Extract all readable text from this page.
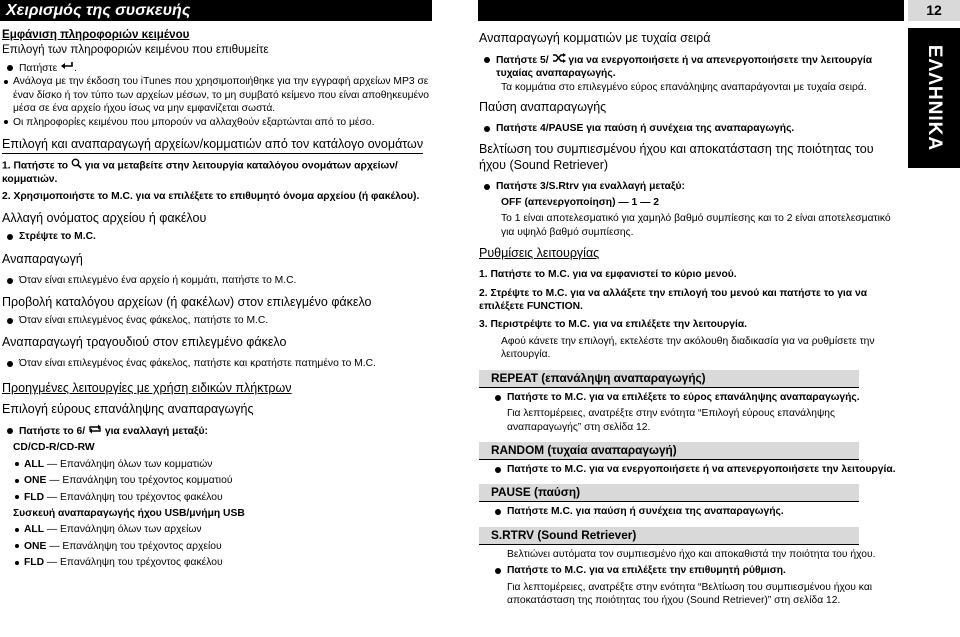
Χειρισμός της συσκευής	12
ΕΛΛΗΝΙΚΑ
Εμφάνιση πληροφοριών κειμένου
Επιλογή των πληροφοριών κειμένου που επιθυμείτε
Πατήστε .
Ανάλογα με την έκδοση του iTunes που χρησιμοποιήθηκε για την εγγραφή αρχείων MP3 σε έναν δίσκο ή τον τύπο των αρχείων μέσων, το μη συμβατό κείμενο που είναι αποθηκευμένο μέσα σε ένα αρχείο ήχου ίσως να μην εμφανίζεται σωστά.
Οι πληροφορίες κειμένου που μπορούν να αλλαχθούν εξαρτώνται από το μέσο.
Επιλογή και αναπαραγωγή αρχείων/κομματιών από τον κατάλογο ονομάτων
1. Πατήστε το για να μεταβείτε στην λειτουργία καταλόγου ονομάτων αρχείων/κομματιών.
2. Χρησιμοποιήστε το M.C. για να επιλέξετε το επιθυμητό όνομα αρχείου (ή φακέλου).
Αλλαγή ονόματος αρχείου ή φακέλου
Στρέψτε το M.C.
Αναπαραγωγή
Όταν είναι επιλεγμένο ένα αρχείο ή κομμάτι, πατήστε το M.C.
Προβολή καταλόγου αρχείων (ή φακέλων) στον επιλεγμένο φάκελο
Όταν είναι επιλεγμένος ένας φάκελος, πατήστε το M.C.
Αναπαραγωγή τραγουδιού στον επιλεγμένο φάκελο
Όταν είναι επιλεγμένος ένας φάκελος, πατήστε και κρατήστε πατημένο το M.C.
Προηγμένες λειτουργίες με χρήση ειδικών πλήκτρων
Επιλογή εύρους επανάληψης αναπαραγωγής
Πατήστε το 6/ για εναλλαγή μεταξύ:
CD/CD-R/CD-RW
ALL — Επανάληψη όλων των κομματιών
ONE — Επανάληψη του τρέχοντος κομματιού
FLD — Επανάληψη του τρέχοντος φακέλου
Συσκευή αναπαραγωγής ήχου USB/μνήμη USB
ALL — Επανάληψη όλων των αρχείων
ONE — Επανάληψη του τρέχοντος αρχείου
FLD — Επανάληψη του τρέχοντος φακέλου
Αναπαραγωγή κομματιών με τυχαία σειρά
Πατήστε 5/ για να ενεργοποιήσετε ή να απενεργοποιήσετε την λειτουργία τυχαίας αναπαραγωγής.
Τα κομμάτια στο επιλεγμένο εύρος επανάληψης αναπαράγονται με τυχαία σειρά.
Παύση αναπαραγωγής
Πατήστε 4/PAUSE για παύση ή συνέχεια της αναπαραγωγής.
Βελτίωση του συμπιεσμένου ήχου και αποκατάσταση της ποιότητας του ήχου (Sound Retriever)
Πατήστε 3/S.Rtrv για εναλλαγή μεταξύ:
OFF (απενεργοποίηση) — 1 — 2
Το 1 είναι αποτελεσματικό για χαμηλό βαθμό συμπίεσης και το 2 είναι αποτελεσματικό για υψηλό βαθμό συμπίεσης.
Ρυθμίσεις λειτουργίας
1. Πατήστε το M.C. για να εμφανιστεί το κύριο μενού.
2. Στρέψτε το M.C. για να αλλάξετε την επιλογή του μενού και πατήστε το για να επιλέξετε FUNCTION.
3. Περιστρέψτε το M.C. για να επιλέξετε την λειτουργία.
Αφού κάνετε την επιλογή, εκτελέστε την ακόλουθη διαδικασία για να ρυθμίσετε την λειτουργία.
REPEAT (επανάληψη αναπαραγωγής)
Πατήστε το M.C. για να επιλέξετε το εύρος επανάληψης αναπαραγωγής.
Για λεπτομέρειες, ανατρέξτε στην ενότητα “Επιλογή εύρους επανάληψης αναπαραγωγής” στη σελίδα 12.
RANDOM (τυχαία αναπαραγωγή)
Πατήστε το M.C. για να ενεργοποιήσετε ή να απενεργοποιήσετε την λειτουργία.
PAUSE (παύση)
Πατήστε M.C. για παύση ή συνέχεια της αναπαραγωγής.
S.RTRV (Sound Retriever)
Βελτιώνει αυτόματα τον συμπιεσμένο ήχο και αποκαθιστά την ποιότητα του ήχου.
Πατήστε το M.C. για να επιλέξετε την επιθυμητή ρύθμιση.
Για λεπτομέρειες, ανατρέξτε στην ενότητα “Βελτίωση του συμπιεσμένου ήχου και αποκατάσταση της ποιότητας του ήχου (Sound Retriever)” στη σελίδα 12.
